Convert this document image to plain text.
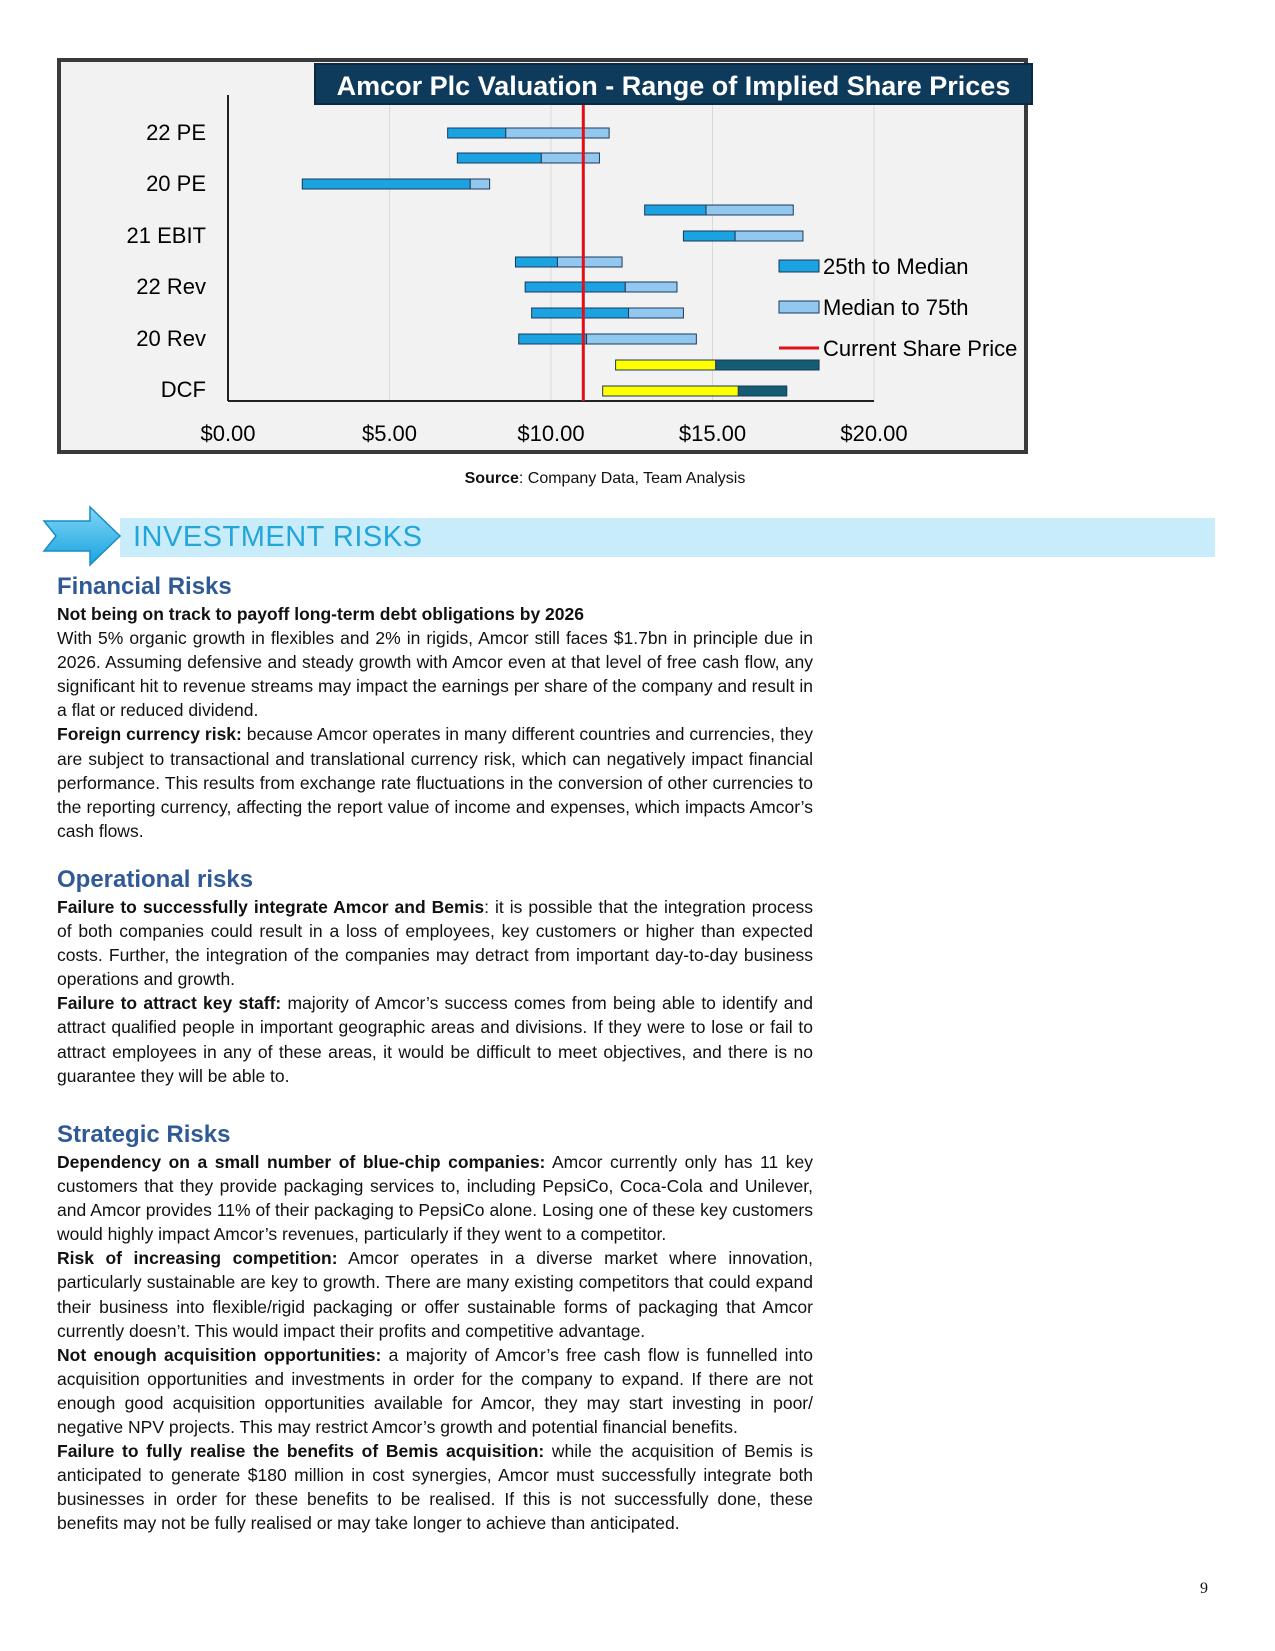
$0.00	$5.00	$10.00	$15.00	$20.00
22 PE
20 PE
21 EBIT
22 Rev
20 Rev
DCF
25th to Median
Median to 75th
Current Share Price
Amcor Plc Valuation - Range of Implied Share Prices
Source: Company Data, Team Analysis
INVESTMENT RISKS
Financial Risks

Not being on track to payoff long-term debt obligations by 2026

With 5% organic growth in flexibles and 2% in rigids, Amcor still faces $1.7bn in principle due in 2026. Assuming defensive and steady growth with Amcor even at that level of free cash flow, any significant hit to revenue streams may impact the earnings per share of the company and result in a flat or reduced dividend.

Foreign currency risk: because Amcor operates in many different countries and currencies, they are subject to transactional and translational currency risk, which can negatively impact financial performance. This results from exchange rate fluctuations in the conversion of other currencies to the reporting currency, affecting the report value of income and expenses, which impacts Amcor’s cash flows.

Operational risks

Failure to successfully integrate Amcor and Bemis: it is possible that the integration process of both companies could result in a loss of employees, key customers or higher than expected costs. Further, the integration of the companies may detract from important day-to-day business operations and growth.

Failure to attract key staff: majority of Amcor’s success comes from being able to identify and attract qualified people in important geographic areas and divisions. If they were to lose or fail to attract employees in any of these areas, it would be difficult to meet objectives, and there is no guarantee they will be able to.

Strategic Risks

Dependency on a small number of blue-chip companies: Amcor currently only has 11 key customers that they provide packaging services to, including PepsiCo, Coca-Cola and Unilever, and Amcor provides 11% of their packaging to PepsiCo alone. Losing one of these key customers would highly impact Amcor’s revenues, particularly if they went to a competitor.

Risk of increasing competition: Amcor operates in a diverse market where innovation, particularly sustainable are key to growth. There are many existing competitors that could expand their business into flexible/rigid packaging or offer sustainable forms of packaging that Amcor currently doesn’t. This would impact their profits and competitive advantage.

Not enough acquisition opportunities: a majority of Amcor’s free cash flow is funnelled into acquisition opportunities and investments in order for the company to expand. If there are not enough good acquisition opportunities available for Amcor, they may start investing in poor/ negative NPV projects. This may restrict Amcor’s growth and potential financial benefits.

Failure to fully realise the benefits of Bemis acquisition: while the acquisition of Bemis is anticipated to generate $180 million in cost synergies, Amcor must successfully integrate both businesses in order for these benefits to be realised. If this is not successfully done, these benefits may not be fully realised or may take longer to achieve than anticipated.

9
